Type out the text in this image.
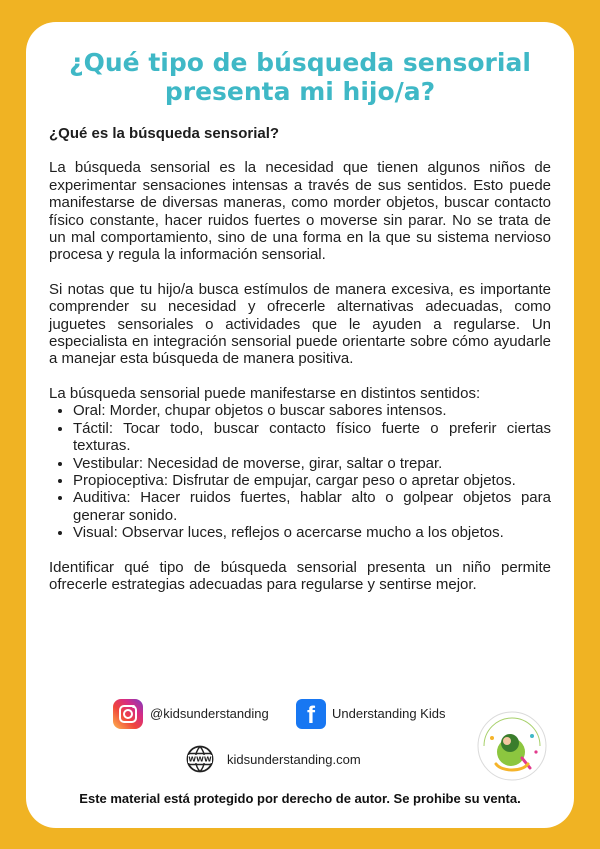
¿Qué tipo de búsqueda sensorial
presenta mi hijo/a?

¿Qué es la búsqueda sensorial?

La búsqueda sensorial es la necesidad que tienen algunos niños de experimentar sensaciones intensas a través de sus sentidos. Esto puede manifestarse de diversas maneras, como morder objetos, buscar contacto físico constante, hacer ruidos fuertes o moverse sin parar. No se trata de un mal comportamiento, sino de una forma en la que su sistema nervioso procesa y regula la información sensorial.

Si notas que tu hijo/a busca estímulos de manera excesiva, es importante comprender su necesidad y ofrecerle alternativas adecuadas, como juguetes sensoriales o actividades que le ayuden a regularse. Un especialista en integración sensorial puede orientarte sobre cómo ayudarle a manejar esta búsqueda de manera positiva.

La búsqueda sensorial puede manifestarse en distintos sentidos:

• Oral: Morder, chupar objetos o buscar sabores intensos.
• Táctil: Tocar todo, buscar contacto físico fuerte o preferir ciertas texturas.
• Vestibular: Necesidad de moverse, girar, saltar o trepar.
• Propioceptiva: Disfrutar de empujar, cargar peso o apretar objetos.
• Auditiva: Hacer ruidos fuertes, hablar alto o golpear objetos para generar sonido.
• Visual: Observar luces, reflejos o acercarse mucho a los objetos.

Identificar qué tipo de búsqueda sensorial presenta un niño permite ofrecerle estrategias adecuadas para regularse y sentirse mejor.

@kidsunderstanding	f	Understanding Kids
WWW kidsunderstanding.com
Este material está protegido por derecho de autor. Se prohibe su venta.
